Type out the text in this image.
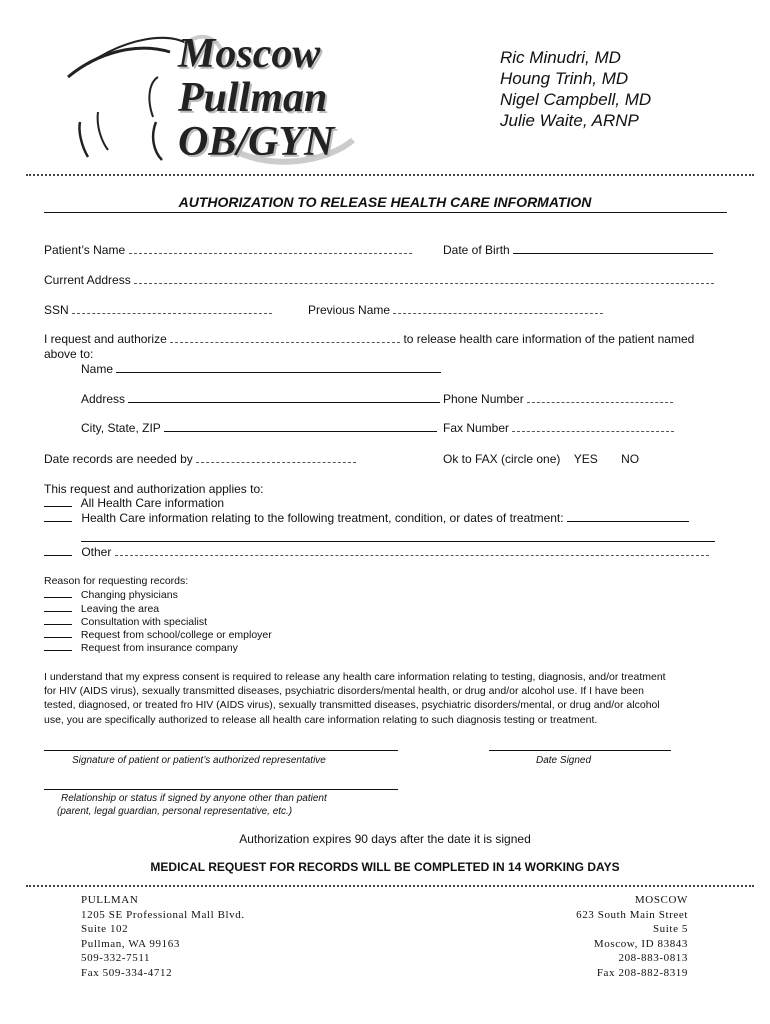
Moscow
Pullman
OB/GYN
Ric Minudri, MD
Houng Trinh, MD
Nigel Campbell, MD
Julie Waite, ARNP
AUTHORIZATION TO RELEASE HEALTH CARE INFORMATION
Patient’s Name	Date of Birth
Current Address
SSN	Previous Name
I request and authorize	to release health care information of the patient named
above to:
Name
Address	Phone Number
City, State, ZIP	Fax Number
Date records are needed by	Ok to FAX (circle one) YES NO
This request and authorization applies to:
All Health Care information
Health Care information relating to the following treatment, condition, or dates of treatment:
Other
Reason for requesting records:
Changing physicians
Leaving the area
Consultation with specialist
Request from school/college or employer
Request from insurance company
I understand that my express consent is required to release any health care information relating to testing, diagnosis, and/or treatment
for HIV (AIDS virus), sexually transmitted diseases, psychiatric disorders/mental health, or drug and/or alcohol use. If I have been
tested, diagnosed, or treated fro HIV (AIDS virus), sexually transmitted diseases, psychiatric disorders/mental, or drug and/or alcohol
use, you are specifically authorized to release all health care information relating to such diagnosis testing or treatment.
Signature of patient or patient’s authorized representative	Date Signed
Relationship or status if signed by anyone other than patient
(parent, legal guardian, personal representative, etc.)
Authorization expires 90 days after the date it is signed
MEDICAL REQUEST FOR RECORDS WILL BE COMPLETED IN 14 WORKING DAYS
PULLMAN
1205 SE Professional Mall Blvd.
Suite 102
Pullman, WA 99163
509-332-7511
Fax 509-334-4712
MOSCOW
623 South Main Street
Suite 5
Moscow, ID 83843
208-883-0813
Fax 208-882-8319
